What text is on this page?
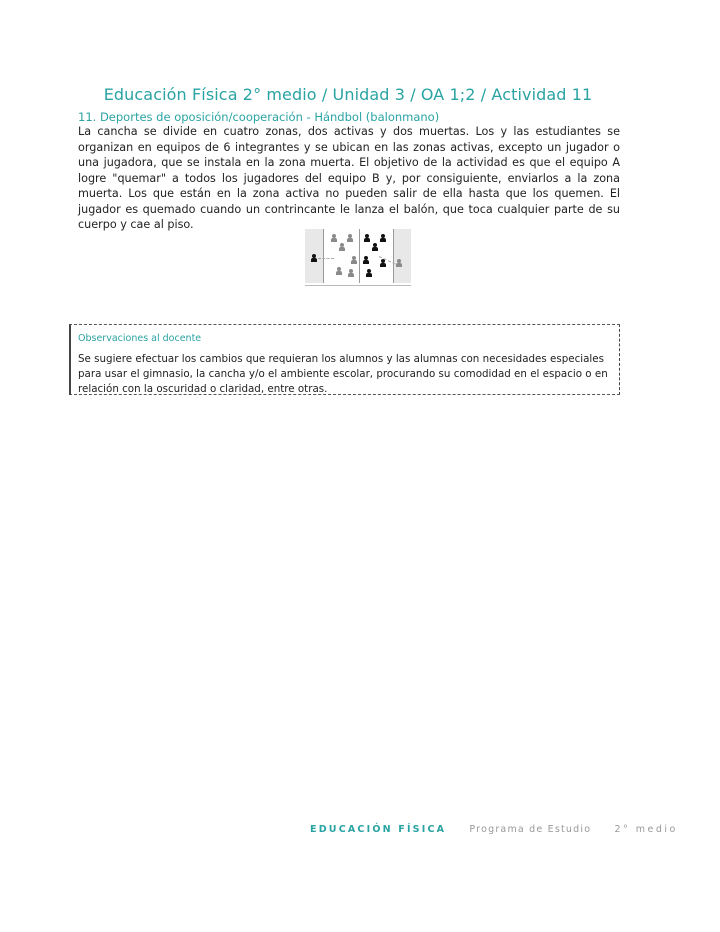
Educación Física 2° medio / Unidad 3 / OA 1;2 / Actividad 11
11. Deportes de oposición/cooperación - Hándbol (balonmano)
La cancha se divide en cuatro zonas, dos activas y dos muertas. Los y las estudiantes se organizan en equipos de 6 integrantes y se ubican en las zonas activas, excepto un jugador o una jugadora, que se instala en la zona muerta. El objetivo de la actividad es que el equipo A logre "quemar" a todos los jugadores del equipo B y, por consiguiente, enviarlos a la zona muerta. Los que están en la zona activa no pueden salir de ella hasta que los quemen. El jugador es quemado cuando un contrincante le lanza el balón, que toca cualquier parte de su cuerpo y cae al piso.
Observaciones al docente
Se sugiere efectuar los cambios que requieran los alumnos y las alumnas con necesidades especiales para usar el gimnasio, la cancha y/o el ambiente escolar, procurando su comodidad en el espacio o en relación con la oscuridad o claridad, entre otras.
EDUCACIÓN FÍSICA Programa de Estudio 2° medio
